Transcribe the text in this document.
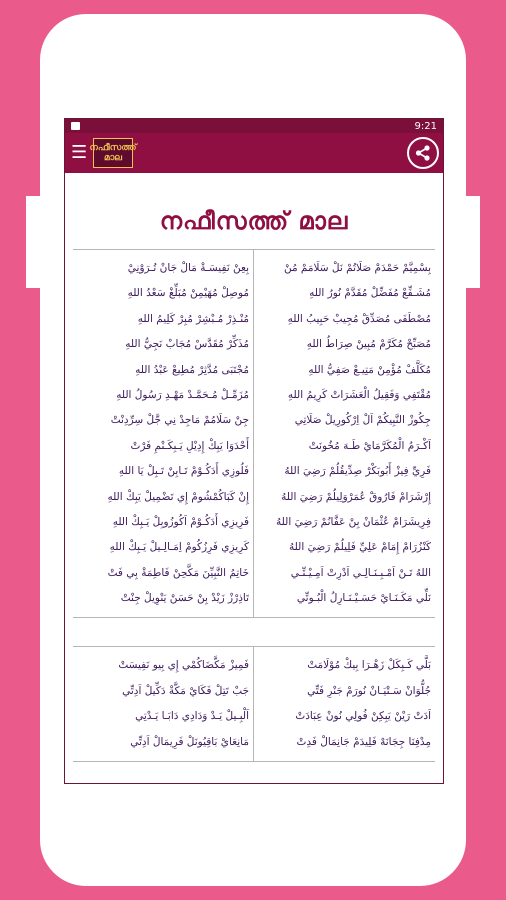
9:21
☰ നഫീസത്ത് മാല
നഫീസത്ത് മാല
بِعِنْ نَفِيسَـةْ مَالْ جَانْ تُـرَوْنِيْ
مُوصِلْ مُهَيْمِنْ مُبَلِّغْ سَعْدُ اللهِ
مُنْـذِرْ مُـبْشِرْ مُبِرْ كَلِيمُ اللهِ
مُذَكِّرْ مُقَدَّسْ مُجَابْ نَجِيُّ اللهِ
مُجْتَبَى مُدَّثِرْ مُطِيعْ عَبْدُ اللهِ
مُزَمِّـلْ مُـحَمَّـدْ مَهْـدِ رَسُولُ اللهِ
جِنْ سَلَامُمْ مَاجِدْ نِي جَّلْ سِرِّدِنْتْ
أَحْدَوَا يَبِكْ إِدِيْلِ يَـبِكَـنْمِ فَرْتْ
فَلُوزِي أَدَكُـوْمْ تَـابِنْ تَـبِلْ يَا اللهِ
إِنْ كَبَاكُمْشُومْ إِي تَضْمِيلْ يَبِكْ اللهِ
فَرِيزِي أَدَكُـوْمْ اَكُوزُوبِلْ يَـبِكْ اللهِ
كَرِيزِي فَرِزُكُومْ اِمَـالِـيلْ يَـبِكْ اللهِ
خَاتِمُ النَّبِيِّنَ مَكَّحِنْ فَاطِمَةْ بِي فَتْ
تَاذِرْزْ زَيْدْ بِنْ حَسَنْ يَنْوِيلْ جِنْتْ
بِسْمِيَّمْ حَمْدَمْ صَلَاتُمْ نَلْ سَلَامَمْ مُنْ
مُشَـفِّعْ مُفَضِّلْ مُقَدَّمْ نُورُ اللهِ
مُصْطَفَى مُصَدِّقْ مُجِيبْ حَبِيبُ اللهِ
مُصَبِّحْ مُكَرَّمْ مُبِينْ صِرَاطُ اللهِ
مُكَلَّفْ مُؤْمِنْ مَتِيـعْ صَفِيُّ اللهِ
مُقْتَفِي وَفَقِيلُ الْعَشَرَاتْ كَرِيمُ اللهِ
جِكُوزْ النَّبِيكُمْ اَلْ اِرْكُورِيلْ صَلَاتِي
اَكْـرَمُ الْمُكَرَّمَايْ طَـهَ مُخُونَتْ
فَرِيِّ فِيزْ أَبُوبَكْرْ صِدِّيقُلُمْ رَضِيَ اللهُ
إِرْشَرَامْ فَارُوقْ عُمَرْوَلِيلُمْ رَضِيَ اللهُ
فِرِيشَرَامْ عُثْمَانْ بِنْ عَفَّانُمْ رَضِيَ اللهُ
كَنْزُرَامْ إِمَامْ عَلِيِّ فَلِيلُمْ رَضِيَ اللهُ
اللهُ تَـنْ اَمْـبِـنَـالِـي اَدْرِتْ اَمِـيْـتِّـي
نَلِّي مَكَـنَـايْ حَسَـيْـنَـارِلُ الْبُـوتِّي
فَمِيزْ مَكَّضَاكُمْي إِي بِيو نَفِيسَتْ
جَبْ تَتِلْ فَكَايْ مَكَّةْ دَكِّيلْ اَدِتِّي
اَلْبِـيلْ يَـدْ وَدَادِي دَابَـا يَـدْتِي
مَانِعَايْ بَاقِيُونَلْ فَرِيمَالْ اَدِتِّي
بَلَّي كَـبِكَلْ زَهْـرَا بِيكْ مُوْلَامَتْ
جُلُّوَانْ سَـتْيَـانْ نُورَمْ جَنْرِ فَتِّي
اَدَتْ رَيْنْ يَبِكِنْ فُولِي نُونْ عِبَادَتْ
مِدْفِنَا جِجَانَهْ فَلِيدَمْ جَانِمَالْ فَدِتْ
